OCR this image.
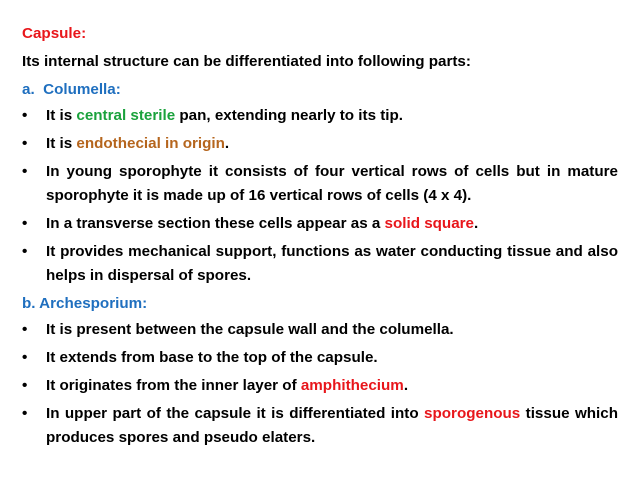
Capsule:
Its internal structure can be differentiated into following parts:
a. Columella:
•	It is central sterile pan, extending nearly to its tip.
•	It is endothecial in origin.
•	In young sporophyte it consists of four vertical rows of cells but in mature sporophyte it is made up of 16 vertical rows of cells (4 x 4).
•	In a transverse section these cells appear as a solid square.
•	It provides mechanical support, functions as water conducting tissue and also helps in dispersal of spores.
b. Archesporium:
•	It is present between the capsule wall and the columella.
•	It extends from base to the top of the capsule.
•	It originates from the inner layer of amphithecium.
•	In upper part of the capsule it is differentiated into sporogenous tissue which produces spores and pseudo elaters.
